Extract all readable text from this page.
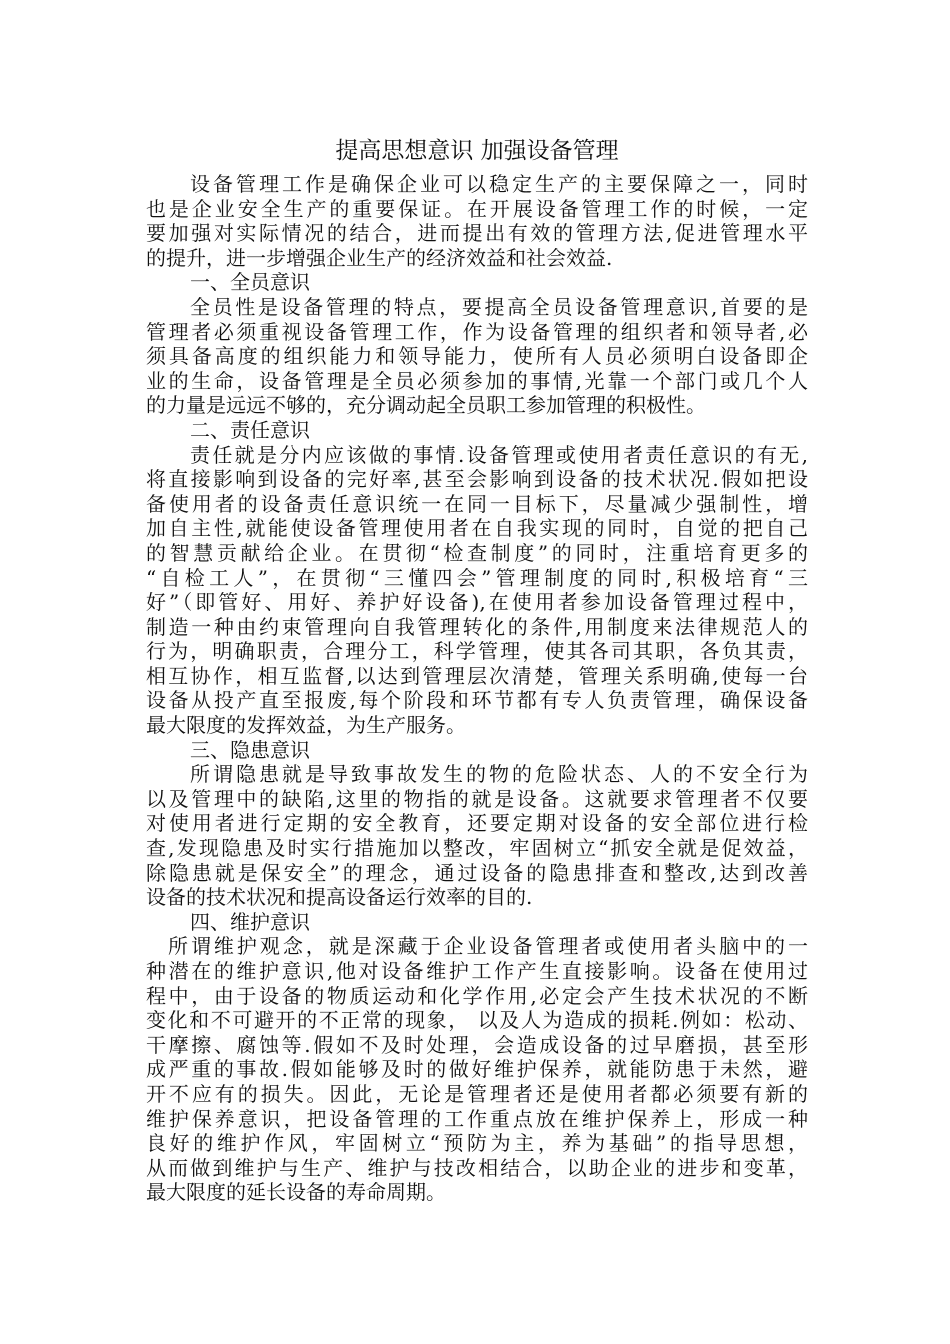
提高思想意识 加强设备管理
设备管理工作是确保企业可以稳定生产的主要保障之一，同时
也是企业安全生产的重要保证。在开展设备管理工作的时候，一定
要加强对实际情况的结合，进而提出有效的管理方法,促进管理水平
的提升，进一步增强企业生产的经济效益和社会效益.
一、全员意识
全员性是设备管理的特点，要提高全员设备管理意识,首要的是
管理者必须重视设备管理工作，作为设备管理的组织者和领导者,必
须具备高度的组织能力和领导能力，使所有人员必须明白设备即企
业的生命，设备管理是全员必须参加的事情,光靠一个部门或几个人
的力量是远远不够的，充分调动起全员职工参加管理的积极性。
二、责任意识
责任就是分内应该做的事情.设备管理或使用者责任意识的有无,
将直接影响到设备的完好率,甚至会影响到设备的技术状况.假如把设
备使用者的设备责任意识统一在同一目标下，尽量减少强制性，增
加自主性,就能使设备管理使用者在自我实现的同时，自觉的把自己
的智慧贡献给企业。在贯彻“检查制度”的同时，注重培育更多的
“自检工人”，在贯彻“三懂四会”管理制度的同时,积极培育“三
好”（即管好、用好、养护好设备),在使用者参加设备管理过程中，
制造一种由约束管理向自我管理转化的条件,用制度来法律规范人的
行为，明确职责，合理分工，科学管理，使其各司其职，各负其责，
相互协作，相互监督,以达到管理层次清楚，管理关系明确,使每一台
设备从投产直至报废,每个阶段和环节都有专人负责管理，确保设备
最大限度的发挥效益，为生产服务。
三、隐患意识
所谓隐患就是导致事故发生的物的危险状态、人的不安全行为
以及管理中的缺陷,这里的物指的就是设备。这就要求管理者不仅要
对使用者进行定期的安全教育，还要定期对设备的安全部位进行检
查,发现隐患及时实行措施加以整改，牢固树立“抓安全就是促效益，
除隐患就是保安全”的理念，通过设备的隐患排查和整改,达到改善
设备的技术状况和提高设备运行效率的目的.
四、维护意识
所谓维护观念，就是深藏于企业设备管理者或使用者头脑中的一
种潜在的维护意识,他对设备维护工作产生直接影响。设备在使用过
程中，由于设备的物质运动和化学作用,必定会产生技术状况的不断
变化和不可避开的不正常的现象， 以及人为造成的损耗.例如：松动、
干摩擦、腐蚀等.假如不及时处理，会造成设备的过早磨损，甚至形
成严重的事故.假如能够及时的做好维护保养，就能防患于未然，避
开不应有的损失。因此，无论是管理者还是使用者都必须要有新的
维护保养意识，把设备管理的工作重点放在维护保养上，形成一种
良好的维护作风，牢固树立“预防为主，养为基础”的指导思想，
从而做到维护与生产、维护与技改相结合，以助企业的进步和变革，
最大限度的延长设备的寿命周期。
